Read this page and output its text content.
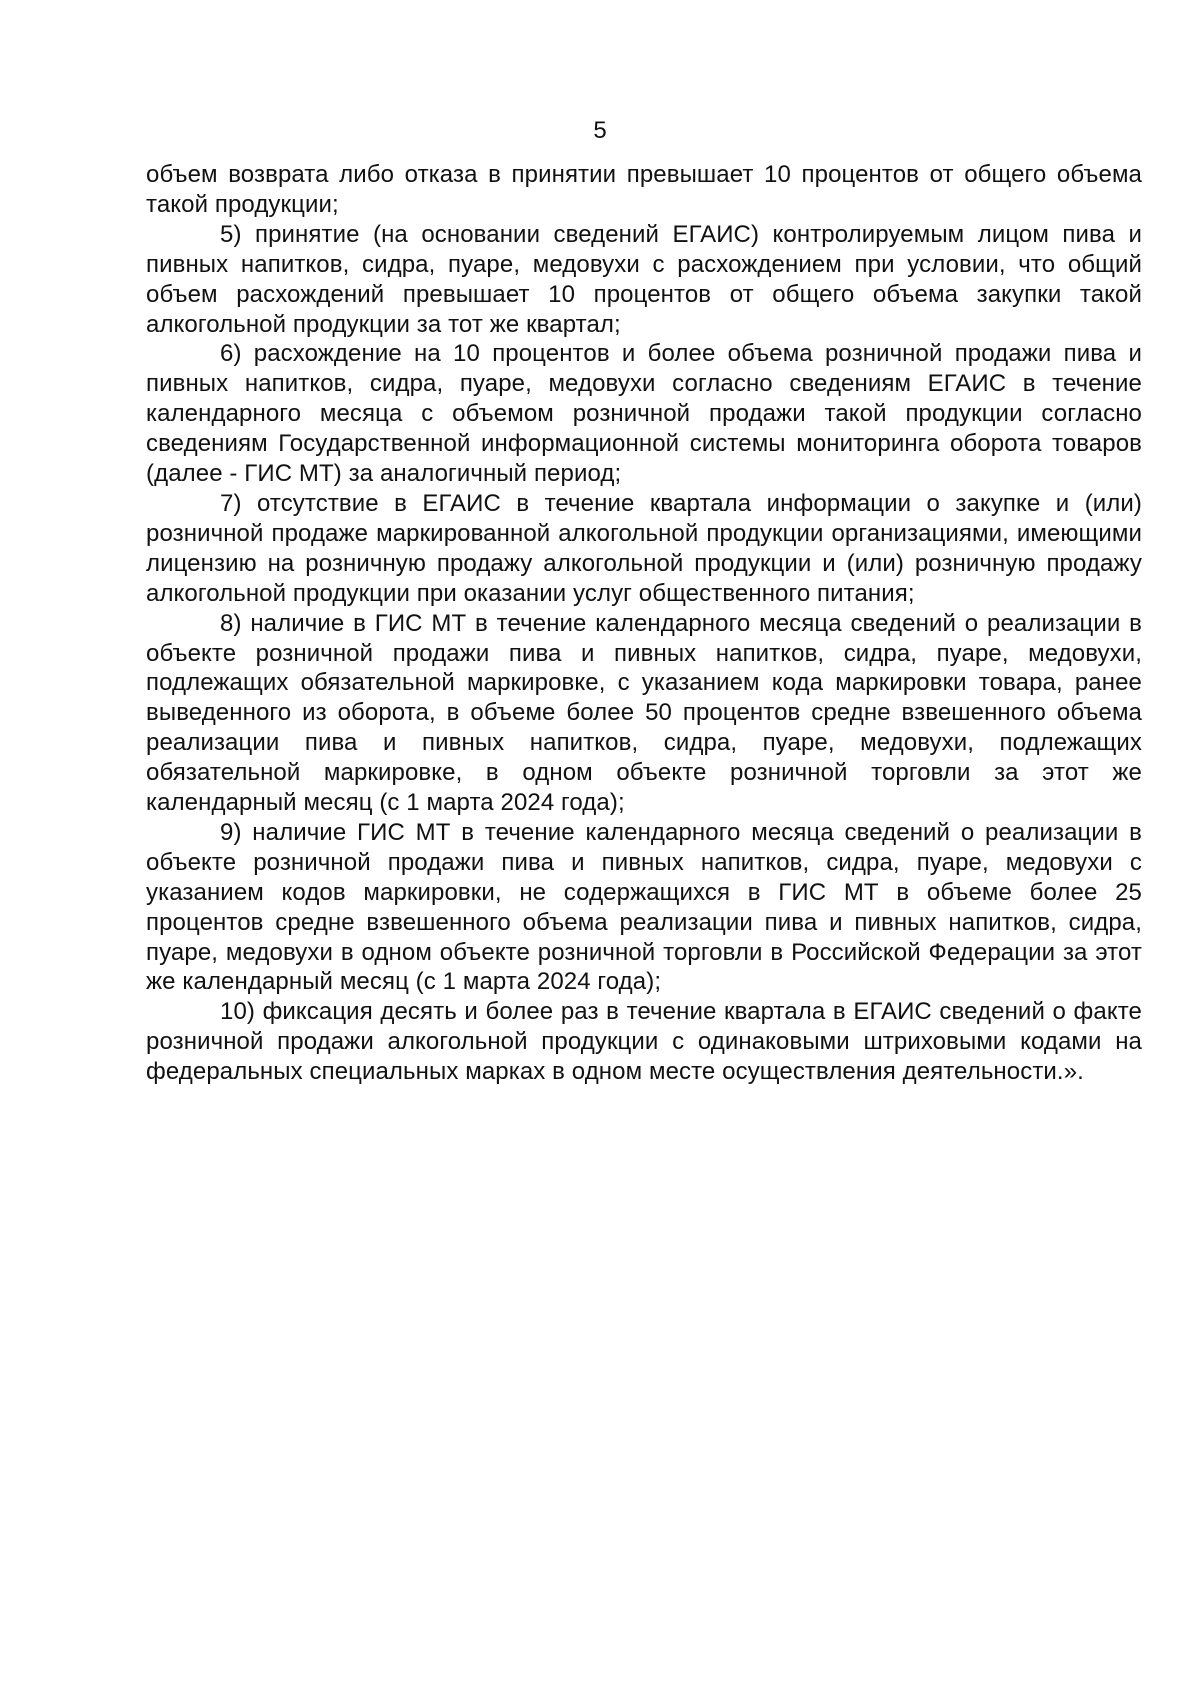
5

объем возврата либо отказа в принятии превышает 10 процентов от общего объема такой продукции;

5) принятие (на основании сведений ЕГАИС) контролируемым лицом пива и пивных напитков, сидра, пуаре, медовухи с расхождением при условии, что общий объем расхождений превышает 10 процентов от общего объема закупки такой алкогольной продукции за тот же квартал;

6) расхождение на 10 процентов и более объема розничной продажи пива и пивных напитков, сидра, пуаре, медовухи согласно сведениям ЕГАИС в течение календарного месяца с объемом розничной продажи такой продукции согласно сведениям Государственной информационной системы мониторинга оборота товаров (далее - ГИС МТ) за аналогичный период;

7) отсутствие в ЕГАИС в течение квартала информации о закупке и (или) розничной продаже маркированной алкогольной продукции организациями, имеющими лицензию на розничную продажу алкогольной продукции и (или) розничную продажу алкогольной продукции при оказании услуг общественного питания;

8) наличие в ГИС МТ в течение календарного месяца сведений о реализации в объекте розничной продажи пива и пивных напитков, сидра, пуаре, медовухи, подлежащих обязательной маркировке, с указанием кода маркировки товара, ранее выведенного из оборота, в объеме более 50 процентов средне взвешенного объема реализации пива и пивных напитков, сидра, пуаре, медовухи, подлежащих обязательной маркировке, в одном объекте розничной торговли за этот же календарный месяц (с 1 марта 2024 года);

9) наличие ГИС МТ в течение календарного месяца сведений о реализации в объекте розничной продажи пива и пивных напитков, сидра, пуаре, медовухи с указанием кодов маркировки, не содержащихся в ГИС МТ в объеме более 25 процентов средне взвешенного объема реализации пива и пивных напитков, сидра, пуаре, медовухи в одном объекте розничной торговли в Российской Федерации за этот же календарный месяц (с 1 марта 2024 года);

10) фиксация десять и более раз в течение квартала в ЕГАИС сведений о факте розничной продажи алкогольной продукции с одинаковыми штриховыми кодами на федеральных специальных марках в одном месте осуществления деятельности.».
